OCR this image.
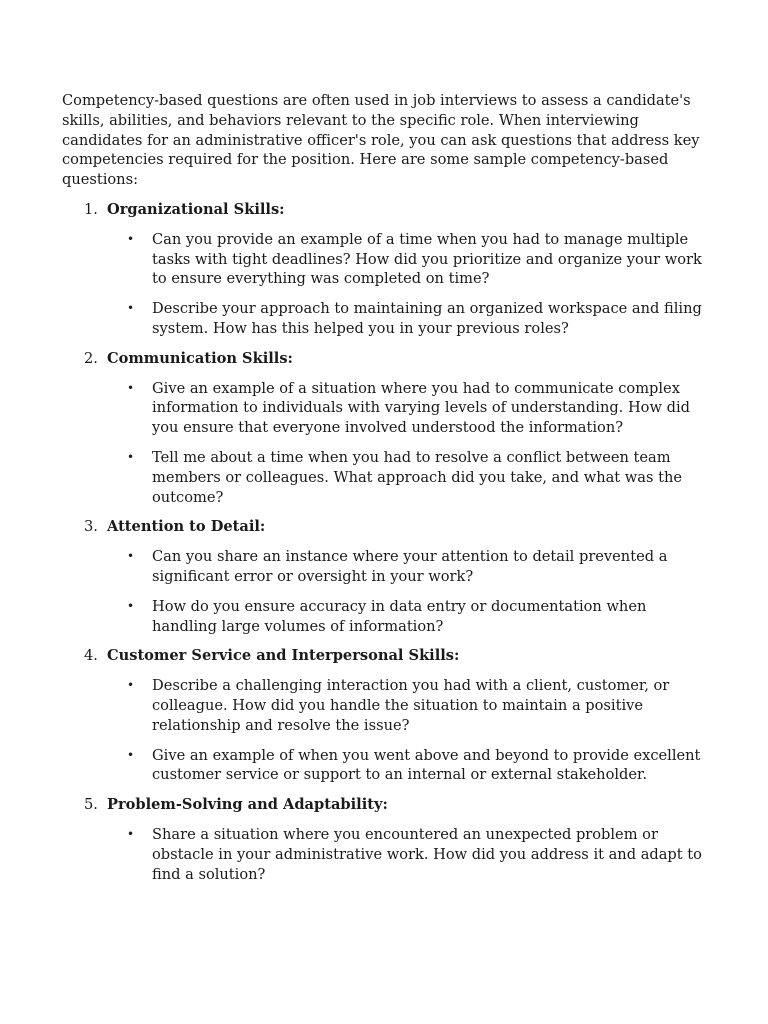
Competency-based questions are often used in job interviews to assess a candidate's skills, abilities, and behaviors relevant to the specific role. When interviewing candidates for an administrative officer's role, you can ask questions that address key competencies required for the position. Here are some sample competency-based questions:

1. Organizational Skills:
• Can you provide an example of a time when you had to manage multiple tasks with tight deadlines? How did you prioritize and organize your work to ensure everything was completed on time?
• Describe your approach to maintaining an organized workspace and filing system. How has this helped you in your previous roles?
2. Communication Skills:
• Give an example of a situation where you had to communicate complex information to individuals with varying levels of understanding. How did you ensure that everyone involved understood the information?
• Tell me about a time when you had to resolve a conflict between team members or colleagues. What approach did you take, and what was the outcome?
3. Attention to Detail:
• Can you share an instance where your attention to detail prevented a significant error or oversight in your work?
• How do you ensure accuracy in data entry or documentation when handling large volumes of information?
4. Customer Service and Interpersonal Skills:
• Describe a challenging interaction you had with a client, customer, or colleague. How did you handle the situation to maintain a positive relationship and resolve the issue?
• Give an example of when you went above and beyond to provide excellent customer service or support to an internal or external stakeholder.
5. Problem-Solving and Adaptability:
• Share a situation where you encountered an unexpected problem or obstacle in your administrative work. How did you address it and adapt to find a solution?
